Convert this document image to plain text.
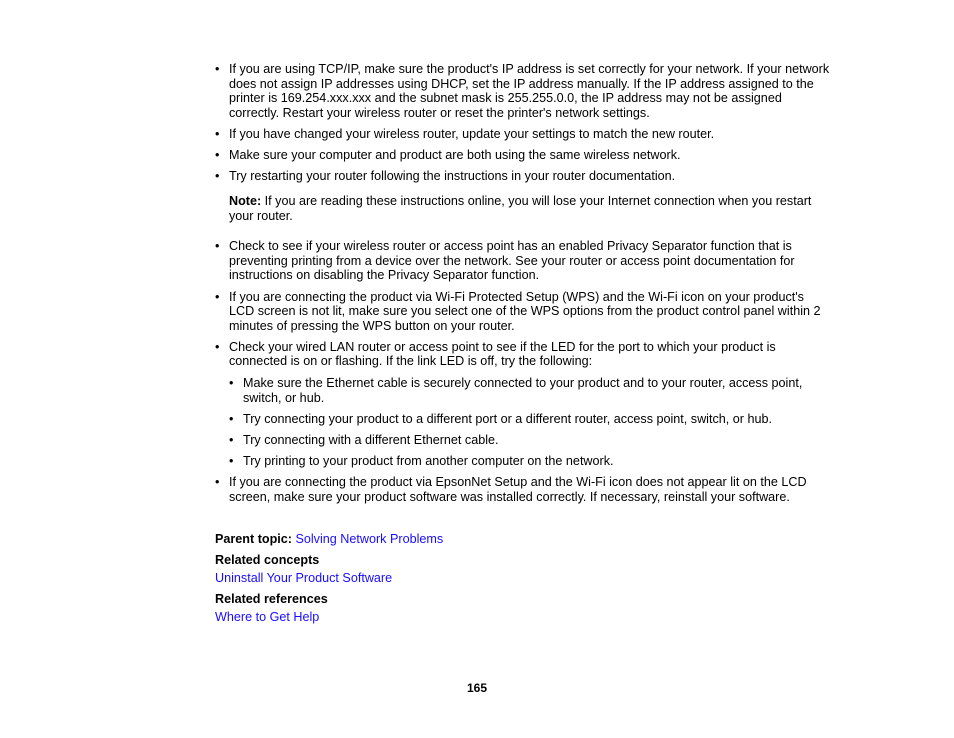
• If you are using TCP/IP, make sure the product's IP address is set correctly for your network. If your network does not assign IP addresses using DHCP, set the IP address manually. If the IP address assigned to the printer is 169.254.xxx.xxx and the subnet mask is 255.255.0.0, the IP address may not be assigned correctly. Restart your wireless router or reset the printer's network settings.
• If you have changed your wireless router, update your settings to match the new router.
• Make sure your computer and product are both using the same wireless network.
• Try restarting your router following the instructions in your router documentation.
Note: If you are reading these instructions online, you will lose your Internet connection when you restart your router.
• Check to see if your wireless router or access point has an enabled Privacy Separator function that is preventing printing from a device over the network. See your router or access point documentation for instructions on disabling the Privacy Separator function.
• If you are connecting the product via Wi-Fi Protected Setup (WPS) and the Wi-Fi icon on your product's LCD screen is not lit, make sure you select one of the WPS options from the product control panel within 2 minutes of pressing the WPS button on your router.
• Check your wired LAN router or access point to see if the LED for the port to which your product is connected is on or flashing. If the link LED is off, try the following:
• Make sure the Ethernet cable is securely connected to your product and to your router, access point, switch, or hub.
• Try connecting your product to a different port or a different router, access point, switch, or hub.
• Try connecting with a different Ethernet cable.
• Try printing to your product from another computer on the network.
• If you are connecting the product via EpsonNet Setup and the Wi-Fi icon does not appear lit on the LCD screen, make sure your product software was installed correctly. If necessary, reinstall your software.
Parent topic: Solving Network Problems
Related concepts
Uninstall Your Product Software
Related references
Where to Get Help
165
